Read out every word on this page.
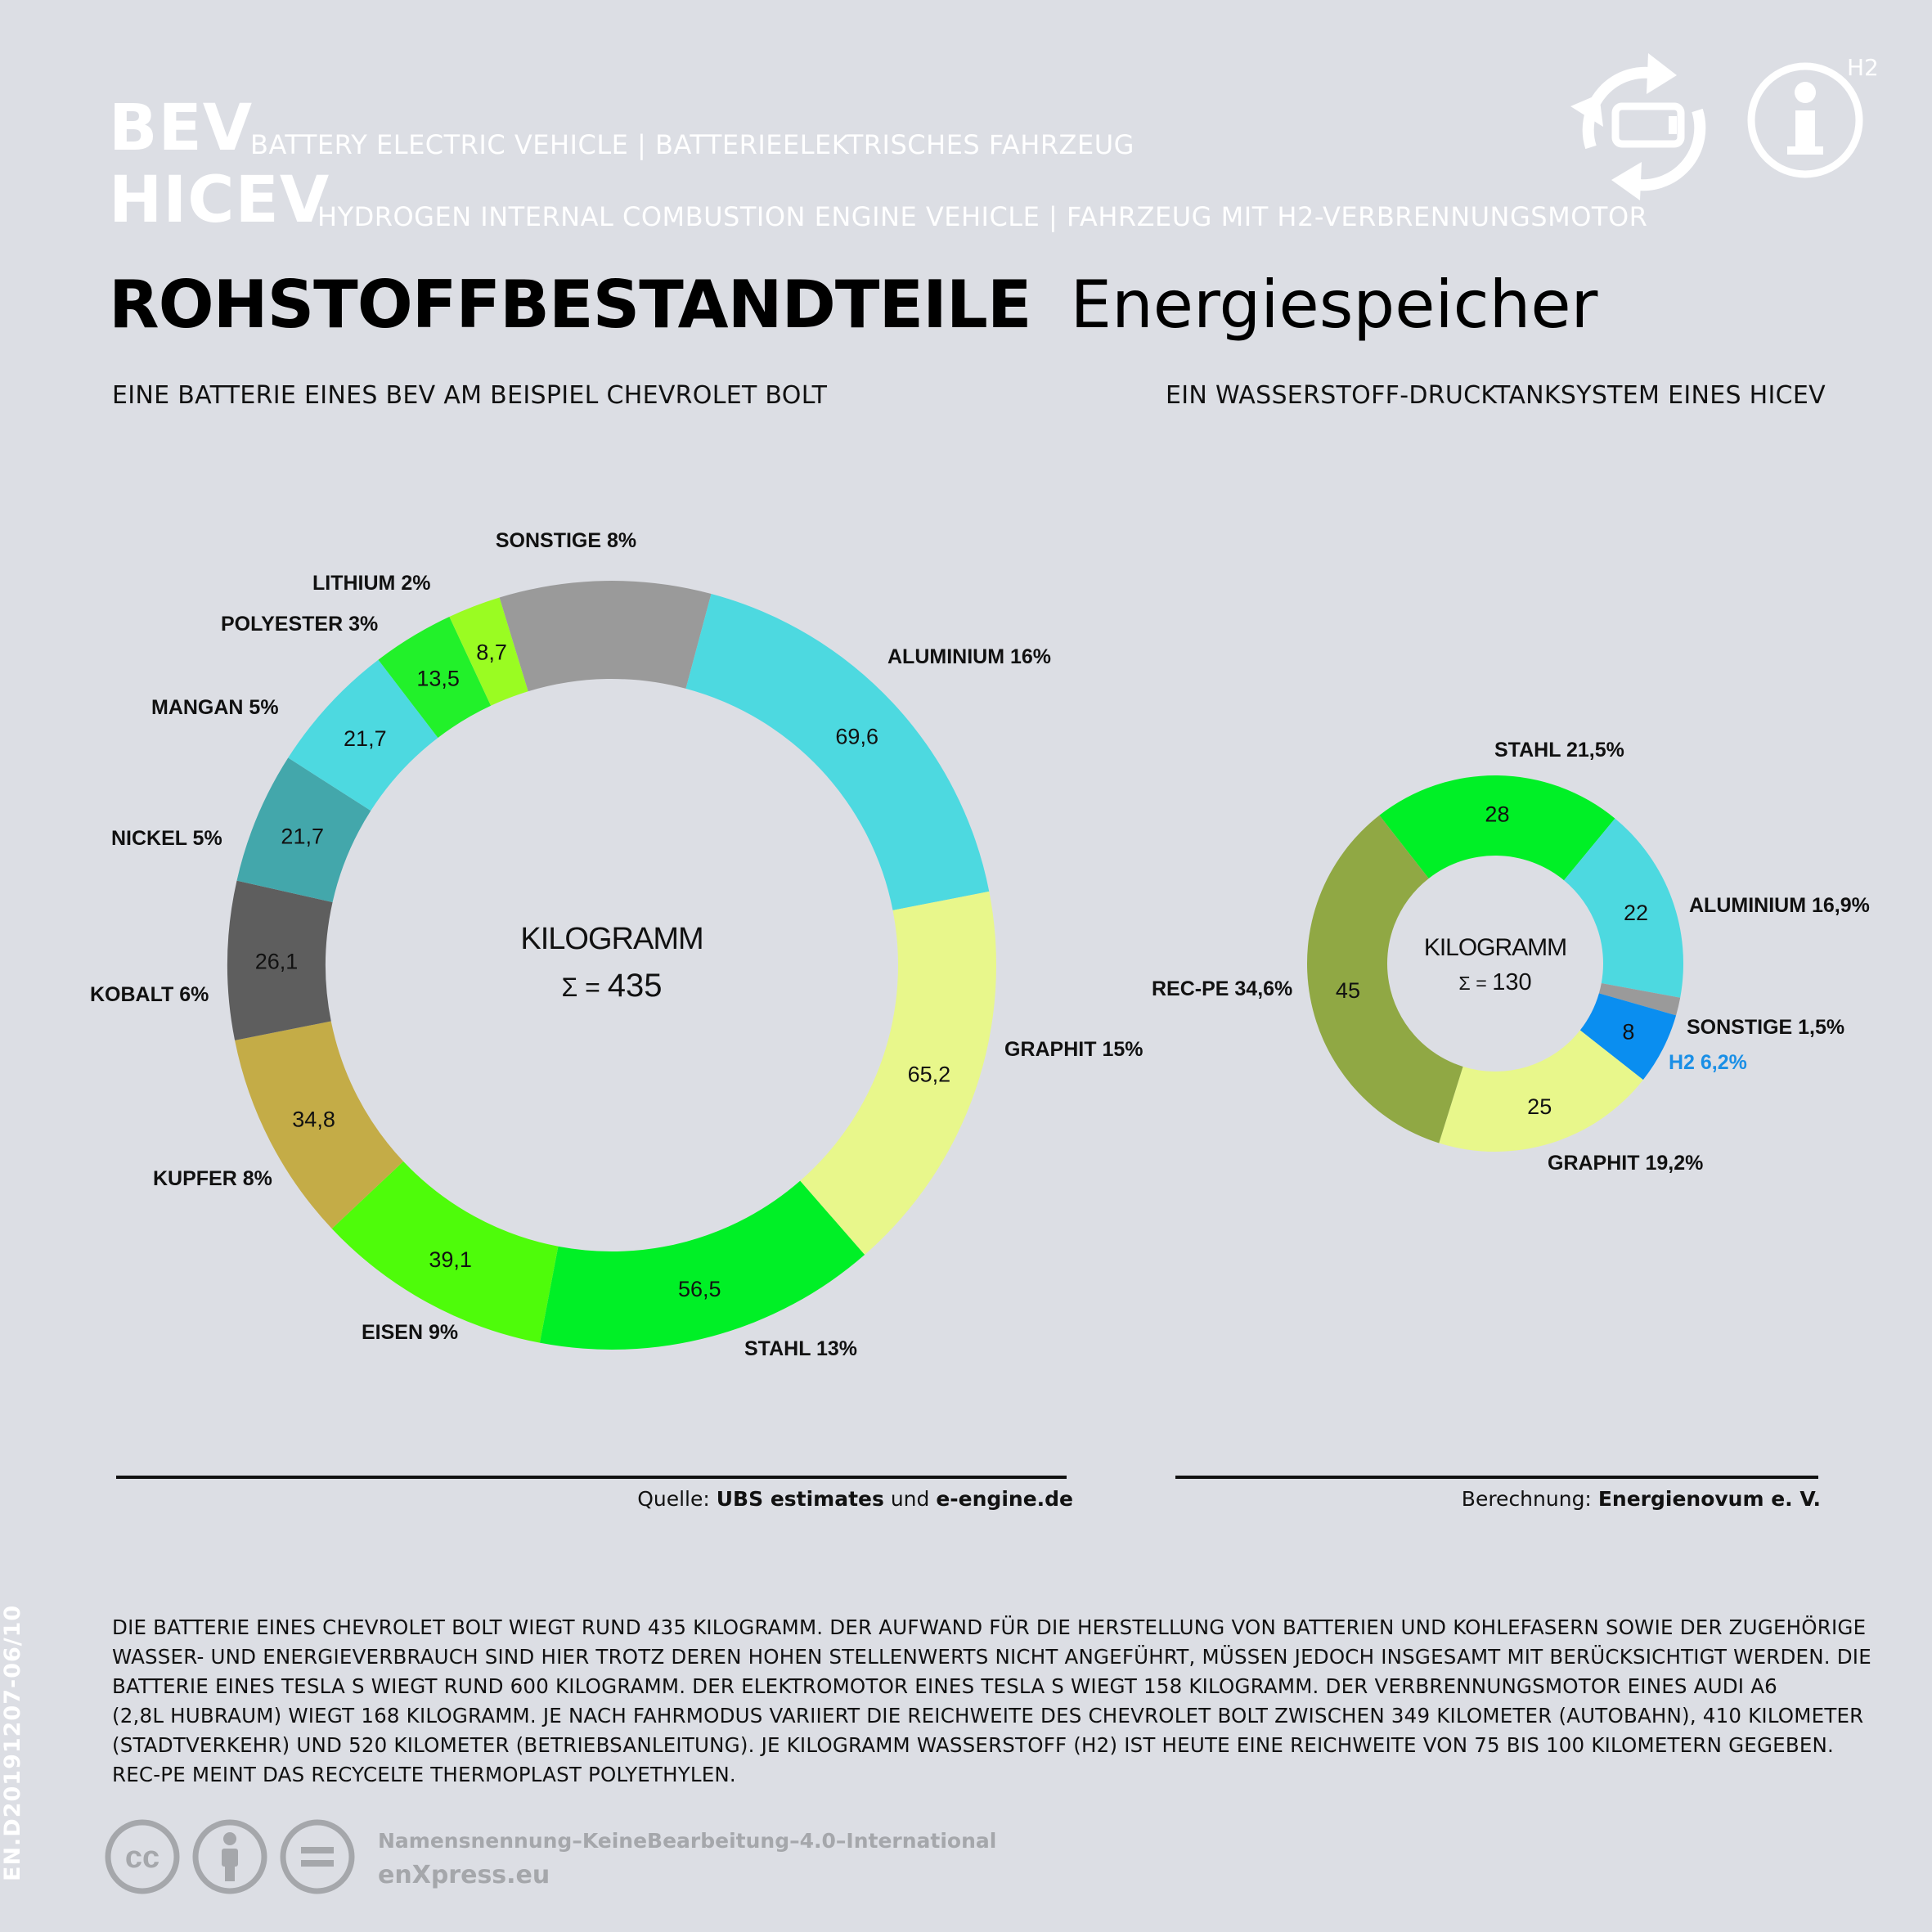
BEV
BATTERY ELECTRIC VEHICLE | BATTERIEELEKTRISCHES FAHRZEUG
HICEV
HYDROGEN INTERNAL COMBUSTION ENGINE VEHICLE | FAHRZEUG MIT H2-VERBRENNUNGSMOTOR
H2
ROHSTOFFBESTANDTEILE Energiespeicher
EINE BATTERIE EINES BEV AM BEISPIEL CHEVROLET BOLT	EIN WASSERSTOFF-DRUCKTANKSYSTEM EINES HICEV
SONSTIGE 8%
69,6
ALUMINIUM 16%
65,2
GRAPHIT 15%
56,5
STAHL 13%
39,1
EISEN 9%
34,8
KUPFER 8%
26,1
KOBALT 6%
21,7
NICKEL 5%
21,7
MANGAN 5%
13,5
POLYESTER 3%
8,7
LITHIUM 2%
KILOGRAMM
Σ = 435
28
STAHL 21,5%
22 ALUMINIUM 16,9%
SONSTIGE 1,5%
8
H2 6,2%
25
GRAPHIT 19,2%
45
REC-PE 34,6%
KILOGRAMM
Σ = 130
Quelle: UBS estimates und e-engine.de	Berechnung: Energienovum e. V.
DIE BATTERIE EINES CHEVROLET BOLT WIEGT RUND 435 KILOGRAMM. DER AUFWAND FÜR DIE HERSTELLUNG VON BATTERIEN UND KOHLEFASERN SOWIE DER ZUGEHÖRIGE
WASSER- UND ENERGIEVERBRAUCH SIND HIER TROTZ DEREN HOHEN STELLENWERTS NICHT ANGEFÜHRT, MÜSSEN JEDOCH INSGESAMT MIT BERÜCKSICHTIGT WERDEN. DIE
BATTERIE EINES TESLA S WIEGT RUND 600 KILOGRAMM. DER ELEKTROMOTOR EINES TESLA S WIEGT 158 KILOGRAMM. DER VERBRENNUNGSMOTOR EINES AUDI A6
(2,8L HUBRAUM) WIEGT 168 KILOGRAMM. JE NACH FAHRMODUS VARIIERT DIE REICHWEITE DES CHEVROLET BOLT ZWISCHEN 349 KILOMETER (AUTOBAHN), 410 KILOMETER
(STADTVERKEHR) UND 520 KILOMETER (BETRIEBSANLEITUNG). JE KILOGRAMM WASSERSTOFF (H2) IST HEUTE EINE REICHWEITE VON 75 BIS 100 KILOMETERN GEGEBEN.
REC-PE MEINT DAS RECYCELTE THERMOPLAST POLYETHYLEN.
cc	Namensnennung–KeineBearbeitung–4.0–International
enXpress.eu
EN.D20191207-06/10
